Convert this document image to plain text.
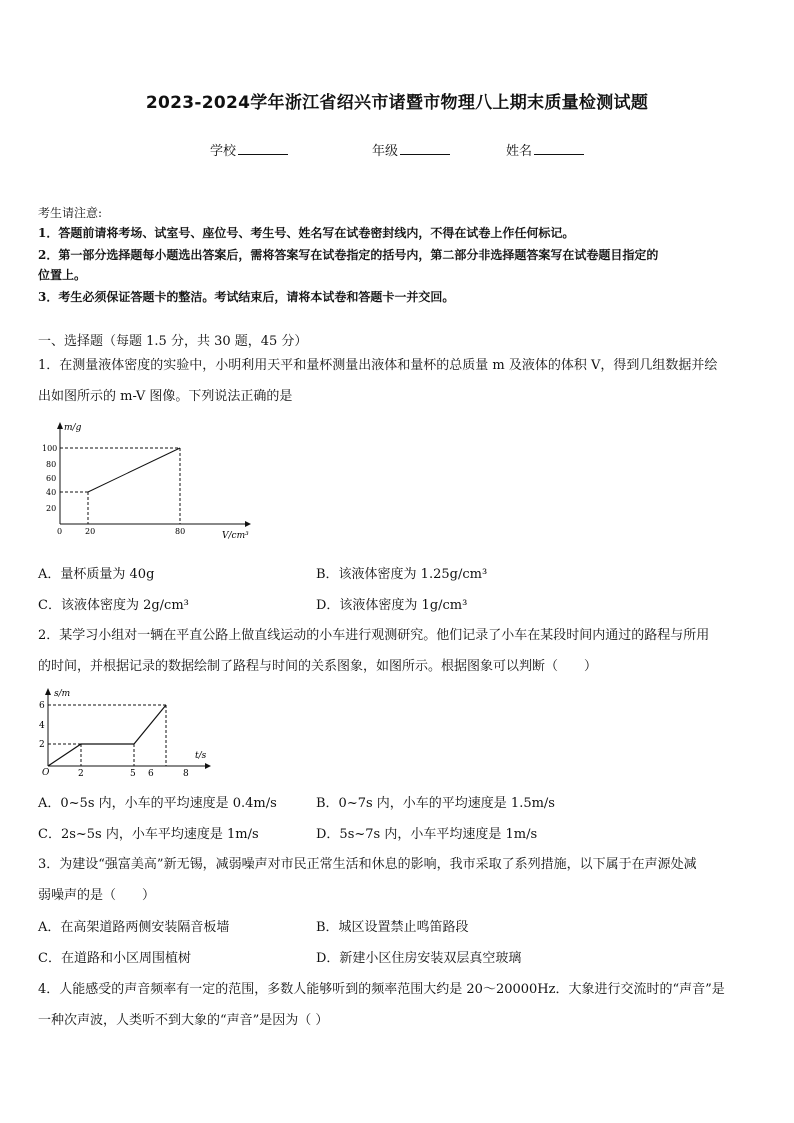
2023-2024学年浙江省绍兴市诸暨市物理八上期末质量检测试题
学校	年级	姓名
考生请注意:
1．答题前请将考场、试室号、座位号、考生号、姓名写在试卷密封线内，不得在试卷上作任何标记。
2．第一部分选择题每小题选出答案后，需将答案写在试卷指定的括号内，第二部分非选择题答案写在试卷题目指定的
位置上。
3．考生必须保证答题卡的整洁。考试结束后，请将本试卷和答题卡一并交回。
一、选择题（每题 1.5 分，共 30 题，45 分）
1．在测量液体密度的实验中，小明利用天平和量杯测量出液体和量杯的总质量 m 及液体的体积 V，得到几组数据并绘
出如图所示的 m-V 图像。下列说法正确的是
m/g
V/cm³
100
80
60
40
20
0	20	80
A．量杯质量为 40g	B．该液体密度为 1.25g/cm³
C．该液体密度为 2g/cm³	D．该液体密度为 1g/cm³
2．某学习小组对一辆在平直公路上做直线运动的小车进行观测研究。他们记录了小车在某段时间内通过的路程与所用
的时间，并根据记录的数据绘制了路程与时间的关系图象，如图所示。根据图象可以判断（　　）
s/m
t/s
6
4
2
O	2	5 6	8
A．0~5s 内，小车的平均速度是 0.4m/s	B．0~7s 内，小车的平均速度是 1.5m/s
C．2s~5s 内，小车平均速度是 1m/s	D．5s~7s 内，小车平均速度是 1m/s
3．为建设“强富美高”新无锡，减弱噪声对市民正常生活和休息的影响，我市采取了系列措施，以下属于在声源处减
弱噪声的是（　　）
A．在高架道路两侧安装隔音板墙	B．城区设置禁止鸣笛路段
C．在道路和小区周围植树	D．新建小区住房安装双层真空玻璃
4．人能感受的声音频率有一定的范围，多数人能够听到的频率范围大约是 20～20000Hz．大象进行交流时的“声音”是
一种次声波，人类听不到大象的“声音”是因为（ ）
